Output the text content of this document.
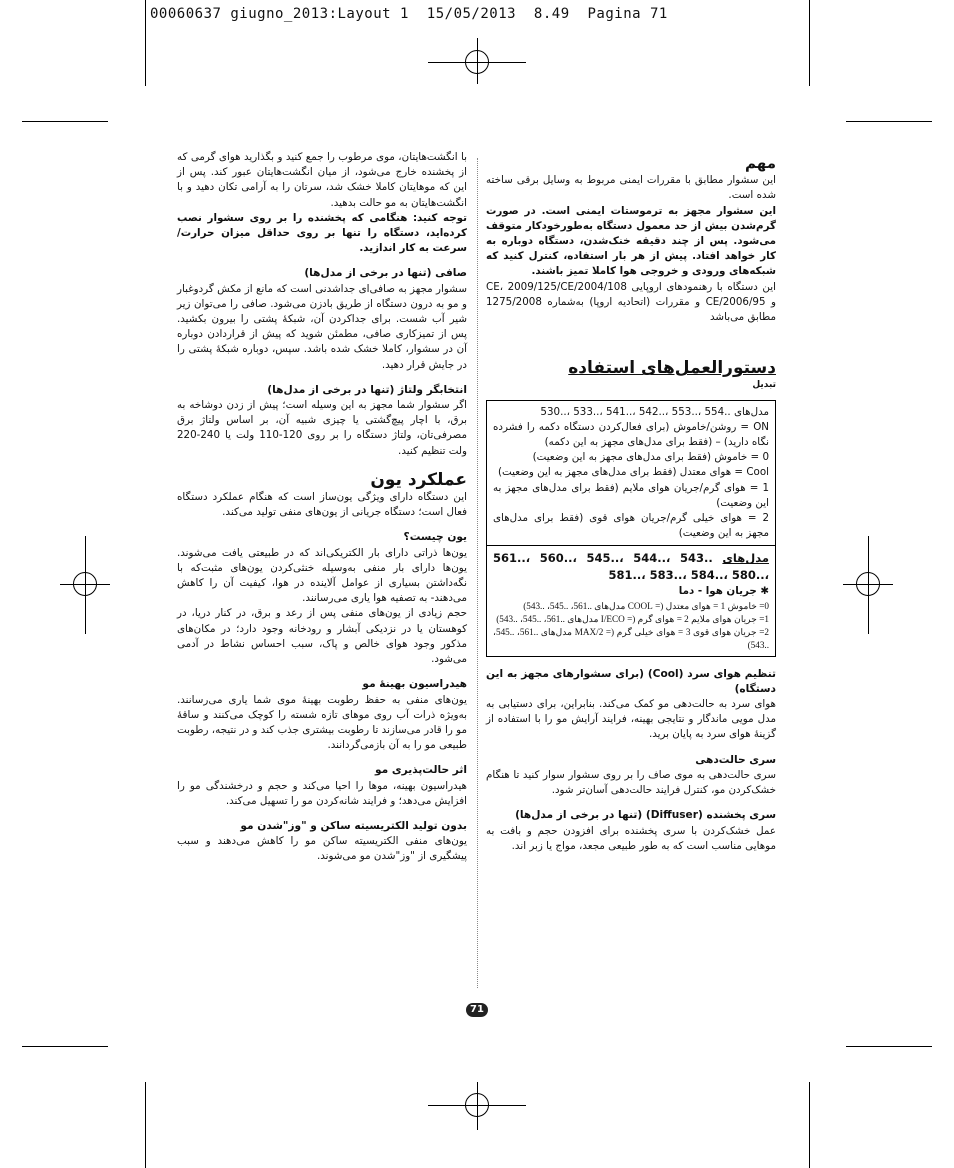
00060637 giugno_2013:Layout 1  15/05/2013  8.49  Pagina 71

مهم

این سشوار مطابق با مقررات ایمنی مربوط به وسایل برقی ساخته شده است.

این سشوار مجهز به ترموستات ایمنی است. در صورت گرم‌شدن بیش از حد معمول دستگاه به‌طورخودکار متوقف می‌شود. پس از چند دقیقه خنک‌شدن، دستگاه دوباره به کار خواهد افتاد. پیش از هر بار استفاده، کنترل کنید که شبکه‌های ورودی و خروجی هوا کاملا تمیز باشند.

این دستگاه با رهنمودهای اروپایی 2004/108/CE، 2009/125/CE و 2006/95/CE و مقررات (اتحادیه اروپا) به‌شماره 1275/2008 مطابق می‌باشد

دستورالعمل‌های استفاده

تبدیل

مدل‌های ..554 ،..553 ،..542 ،..541 ،..533 ،..530

ON = روشن/خاموش (برای فعال‌کردن دستگاه دکمه را فشرده نگاه دارید) – (فقط برای مدل‌های مجهز به این دکمه)

0 = خاموش (فقط برای مدل‌های مجهز به این وضعیت)

Cool = هوای معتدل (فقط برای مدل‌های مجهز به این وضعیت)

1 = هوای گرم/جریان هوای ملایم (فقط برای مدل‌های مجهز به این وضعیت)

2 = هوای خیلی گرم/جریان هوای قوی (فقط برای مدل‌های مجهز به این وضعیت)

مدل‌های ..543 ،..544 ،..545 ،..560 ،..561 ،..580 ،..584 ،..583 ،..581

✱ جریان هوا - دما

0= خاموش 1 = هوای معتدل (= COOL مدل‌های ..561، ..545، ..543)

1= جریان هوای ملایم 2 = هوای گرم (= I/ECO مدل‌های ..561، ..545، ..543)

2= جریان هوای قوی 3 = هوای خیلی گرم (= 2/MAX مدل‌های ..561، ..545، ..543)

تنظیم هوای سرد (Cool) (برای سشوارهای مجهز به این دستگاه)

هوای سرد به حالت‌دهی مو کمک می‌کند. بنابراین، برای دستیابی به مدل مویی ماندگار و نتایجی بهینه، فرایند آرایش مو را با استفاده از گزینهٔ هوای سرد به پایان برید.

سری حالت‌دهی

سری حالت‌دهی به موی صاف را بر روی سشوار سوار کنید تا هنگام خشک‌کردن مو، کنترل فرایند حالت‌دهی آسان‌تر شود.

سری پخشنده (Diffuser) (تنها در برخی از مدل‌ها)

عمل خشک‌کردن با سری پخشنده برای افزودن حجم و بافت به موهایی مناسب است که به طور طبیعی مجعد، مواج یا زبر اند.

با انگشت‌هایتان، موی مرطوب را جمع کنید و بگذارید هوای گرمی که از پخشنده خارج می‌شود، از میان انگشت‌هایتان عبور کند. پس از این که موهایتان کاملا خشک شد، سرتان را به آرامی تکان دهید و با انگشت‌هایتان به مو حالت بدهید.

توجه کنید: هنگامی که پخشنده را بر روی سشوار نصب کرده‌اید، دستگاه را تنها بر روی حداقل میزان حرارت/سرعت به کار اندازید.

صافی (تنها در برخی از مدل‌ها)

سشوار مجهز به صافی‌ای جداشدنی است که مانع از مکش گردوغبار و مو به درون دستگاه از طریق بادزن می‌شود. صافی را می‌توان زیر شیر آب شست. برای جداکردن آن، شبکهٔ پشتی را بیرون بکشید. پس از تمیزکاری صافی، مطمئن شوید که پیش از قراردادن دوباره آن در سشوار، کاملا خشک شده باشد. سپس، دوباره شبکهٔ پشتی را در جایش قرار دهید.

انتخابگر ولتاژ (تنها در برخی از مدل‌ها)

اگر سشوار شما مجهز به این وسیله است؛ پیش از زدن دوشاخه به برق، با اچار پیچ‌گشتی یا چیزی شبیه آن، بر اساس ولتاژ برق مصرفی‌تان، ولتاژ دستگاه را بر روی 120-110 ولت یا 240-220 ولت تنظیم کنید.

عملکرد یون

این دستگاه دارای ویژگی یون‌ساز است که هنگام عملکرد دستگاه فعال است؛ دستگاه جریانی از یون‌های منفی تولید می‌کند.

یون چیست؟

یون‌ها ذراتی دارای بار الکتریکی‌اند که در طبیعتی یافت می‌شوند. یون‌ها دارای بار منفی به‌وسیله خنثی‌کردن یون‌های مثبت‌که با نگه‌داشتن بسیاری از عوامل آلاینده در هوا، کیفیت آن را کاهش می‌دهند- به تصفیه هوا یاری می‌رسانند.

حجم زیادی از یون‌های منفی پس از رعد و برق، در کنار دریا، در کوهستان یا در نزدیکی آبشار و رودخانه وجود دارد؛ در مکان‌های مذکور وجود هوای خالص و پاک، سبب احساس نشاط در آدمی می‌شود.

هیدراسیون بهینهٔ مو

یون‌های منفی به حفظ رطوبت بهینهٔ موی شما یاری می‌رسانند. به‌ویژه ذرات آب روی موهای تازه شسته را کوچک می‌کنند و ساقهٔ مو را قادر می‌سازند تا رطوبت بیشتری جذب کند و در نتیجه، رطوبت طبیعی مو را به آن بازمی‌گردانند.

اثر حالت‌پذیری مو

هیدراسیون بهینه، موها را احیا می‌کند و حجم و درخشندگی مو را افزایش می‌دهد؛ و فرایند شانه‌کردن مو را تسهیل می‌کند.

بدون تولید الکتریسیته ساکن و "وز"شدن مو

یون‌های منفی الکتریسیته ساکن مو را کاهش می‌دهند و سبب پیشگیری از "وز"شدن مو می‌شوند.

71
